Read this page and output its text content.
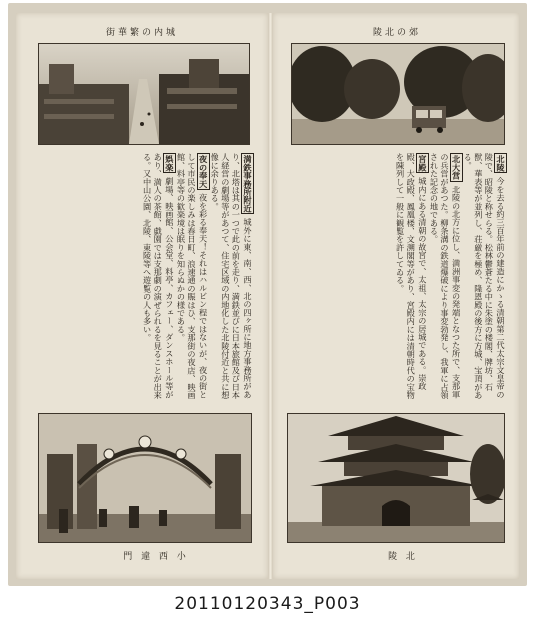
街華繁の内城

満鉄事務所附近 城外に東、南、西、北の四ヶ所に地方事務所があり、北塔は其の一つで此の前を走り、満鉄並びに日本旅館及び日本人経営の劇場等があつて、住宅区域の内地化した北陵付近と共に想像に余りある。

夜の奉天 夜を彩る奉天！それはハルビン程ではないが、夜の街として市民の楽しみは春日町、浪速通の賑はひ、支那街の夜店、映画館、料亭等の歓楽境は眠りを知らぬかの様である。

娯楽 劇場、映画館、公会堂、料亭、カフェー、ダンスホール等があり、満人の茶館、戯園では支那劇の演ぜられるを見ることが出来る。又中山公園、北陵、東陵等へ遊覧の人も多い。

門 違 西 小
陵北の郊

北陵 今を去る約三百年前の建造にかゝる清朝第二代太宗文皇帝の陵で、昭陵と称せらる。松林鬱蒼たる中に朱塗の楼閣、牌坊、石獣、華表等が並列し、荘厳を極め、隆恩殿の後方に方城、宝頂がある。

北大営 北陵の北方に位し、満洲事変の発端となつた所で、支那軍の兵営があつた。柳条溝の鉄道爆破により事変勃発し、我軍に占領された記念の地である。

宮殿 城内にある清朝の故宮で、太祖、太宗の居城である。崇政殿、大政殿、鳳凰楼、文溯閣等があり、宮殿内には清朝時代の宝物を陳列して一般に観覧を許してゐる。

陵 北
20110120343_P003
